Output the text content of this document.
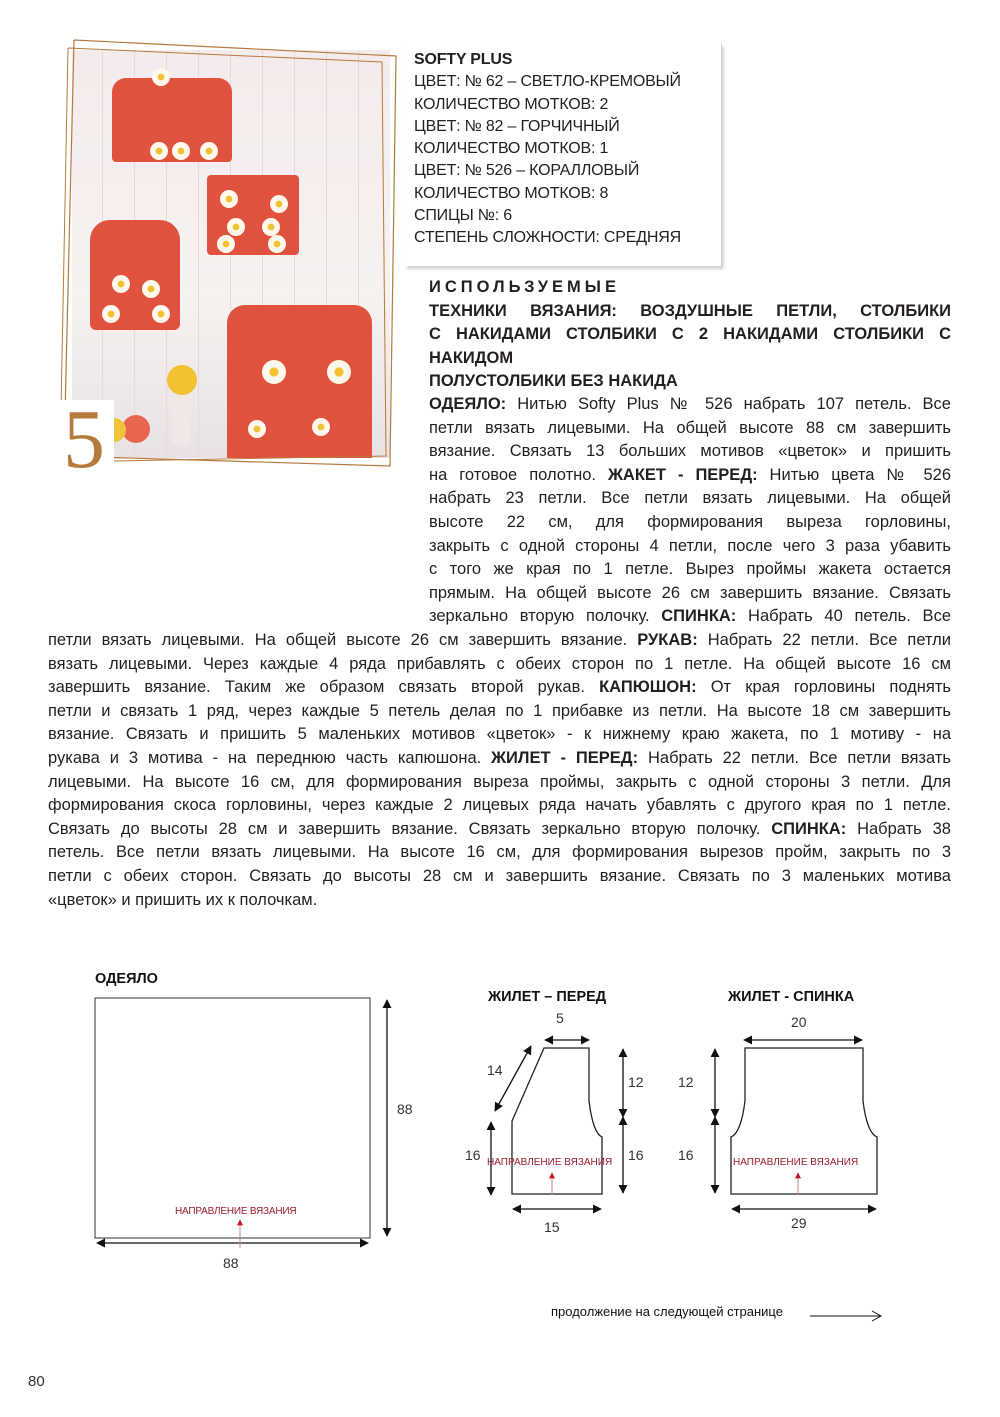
5
SOFTY PLUS
ЦВЕТ: № 62 – СВЕТЛО-КРЕМОВЫЙ
КОЛИЧЕСТВО МОТКОВ: 2
ЦВЕТ: № 82 – ГОРЧИЧНЫЙ
КОЛИЧЕСТВО МОТКОВ: 1
ЦВЕТ: № 526 – КОРАЛЛОВЫЙ
КОЛИЧЕСТВО МОТКОВ: 8
СПИЦЫ №: 6
СТЕПЕНЬ СЛОЖНОСТИ: СРЕДНЯЯ
ИСПОЛЬЗУЕМЫЕ
ТЕХНИКИ ВЯЗАНИЯ: ВОЗДУШНЫЕ ПЕТЛИ, СТОЛБИКИ
С НАКИДАМИ СТОЛБИКИ С 2 НАКИДАМИ СТОЛБИКИ С
НАКИДОМ
ПОЛУСТОЛБИКИ БЕЗ НАКИДА
ОДЕЯЛО: Нитью Softy Plus № 526 набрать 107 петель. Все
петли вязать лицевыми. На общей высоте 88 см завершить
вязание. Связать 13 больших мотивов «цветок» и пришить
на готовое полотно. ЖАКЕТ - ПЕРЕД: Нитью цвета № 526
набрать 23 петли. Все петли вязать лицевыми. На общей
высоте 22 см, для формирования выреза горловины,
закрыть с одной стороны 4 петли, после чего 3 раза убавить
с того же края по 1 петле. Вырез проймы жакета остается
прямым. На общей высоте 26 см завершить вязание. Связать
зеркально вторую полочку. СПИНКА: Набрать 40 петель. Все
петли вязать лицевыми. На общей высоте 26 см завершить вязание. РУКАВ: Набрать 22 петли. Все петли
вязать лицевыми. Через каждые 4 ряда прибавлять с обеих сторон по 1 петле. На общей высоте 16 см
завершить вязание. Таким же образом связать второй рукав. КАПЮШОН: От края горловины поднять
петли и связать 1 ряд, через каждые 5 петель делая по 1 прибавке из петли. На высоте 18 см завершить
вязание. Связать и пришить 5 маленьких мотивов «цветок» - к нижнему краю жакета, по 1 мотиву - на
рукава и 3 мотива - на переднюю часть капюшона. ЖИЛЕТ - ПЕРЕД: Набрать 22 петли. Все петли вязать
лицевыми. На высоте 16 см, для формирования выреза проймы, закрыть с одной стороны 3 петли. Для
формирования скоса горловины, через каждые 2 лицевых ряда начать убавлять с другого края по 1 петле.
Связать до высоты 28 см и завершить вязание. Связать зеркально вторую полочку. СПИНКА: Набрать 38
петель. Все петли вязать лицевыми. На высоте 16 см, для формирования вырезов пройм, закрыть по 3
петли с обеих сторон. Связать до высоты 28 см и завершить вязание. Связать по 3 маленьких мотива
«цветок» и пришить их к полочкам.
ОДЕЯЛО
88
88
НАПРАВЛЕНИЕ ВЯЗАНИЯ
ЖИЛЕТ – ПЕРЕД
5
14
12
16
16
15
НАПРАВЛЕНИЕ ВЯЗАНИЯ
ЖИЛЕТ - СПИНКА
20
12
16
29
НАПРАВЛЕНИЕ ВЯЗАНИЯ
продолжение на следующей странице
80
